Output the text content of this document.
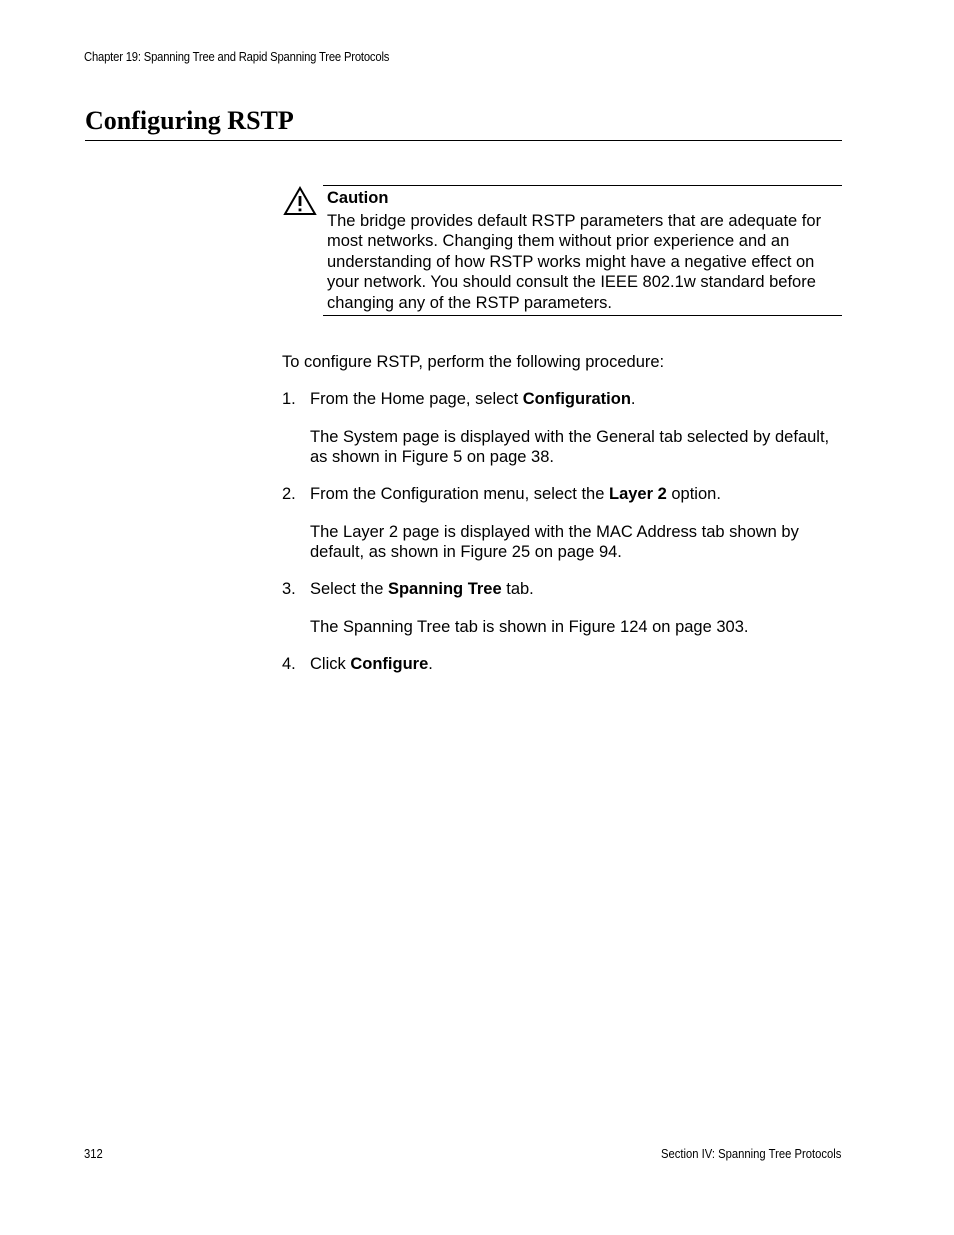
Chapter 19: Spanning Tree and Rapid Spanning Tree Protocols
Configuring RSTP
Caution
The bridge provides default RSTP parameters that are adequate for most networks. Changing them without prior experience and an understanding of how RSTP works might have a negative effect on your network. You should consult the IEEE 802.1w standard before changing any of the RSTP parameters.
To configure RSTP, perform the following procedure:
1. From the Home page, select Configuration.
The System page is displayed with the General tab selected by default, as shown in Figure 5 on page 38.
2. From the Configuration menu, select the Layer 2 option.
The Layer 2 page is displayed with the MAC Address tab shown by default, as shown in Figure 25 on page 94.
3. Select the Spanning Tree tab.
The Spanning Tree tab is shown in Figure 124 on page 303.
4. Click Configure.
312	Section IV: Spanning Tree Protocols
